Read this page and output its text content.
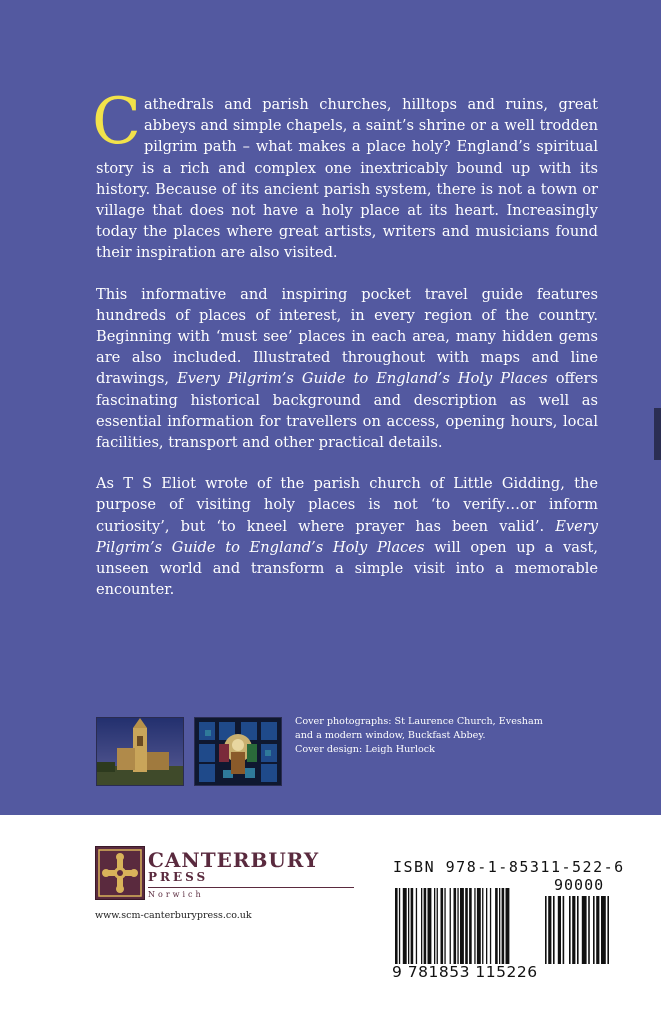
Cathedrals and parish churches, hilltops and ruins, great abbeys and simple chapels, a saint’s shrine or a well trodden pilgrim path – what makes a place holy? England’s spiritual story is a rich and complex one inextricably bound up with its history. Because of its ancient parish system, there is not a town or village that does not have a holy place at its heart. Increasingly today the places where great artists, writers and musicians found their inspiration are also visited.

This informative and inspiring pocket travel guide features hundreds of places of interest, in every region of the country. Beginning with ‘must see’ places in each area, many hidden gems are also included. Illustrated throughout with maps and line drawings, Every Pilgrim’s Guide to England’s Holy Places offers fascinating historical background and description as well as essential information for travellers on access, opening hours, local facilities, transport and other practical details.

As T S Eliot wrote of the parish church of Little Gidding, the purpose of visiting holy places is not ‘to verify…or inform curiosity’, but ‘to kneel where prayer has been valid’. Every Pilgrim’s Guide to England’s Holy Places will open up a vast, unseen world and transform a simple visit into a memorable encounter.

Cover photographs: St Laurence Church, Evesham
and a modern window, Buckfast Abbey.
Cover design: Leigh Hurlock
CANTERBURY
PRESS
Norwich
www.scm-canterburypress.co.uk
ISBN 978-1-85311-522-6
90000
9 781853 115226
